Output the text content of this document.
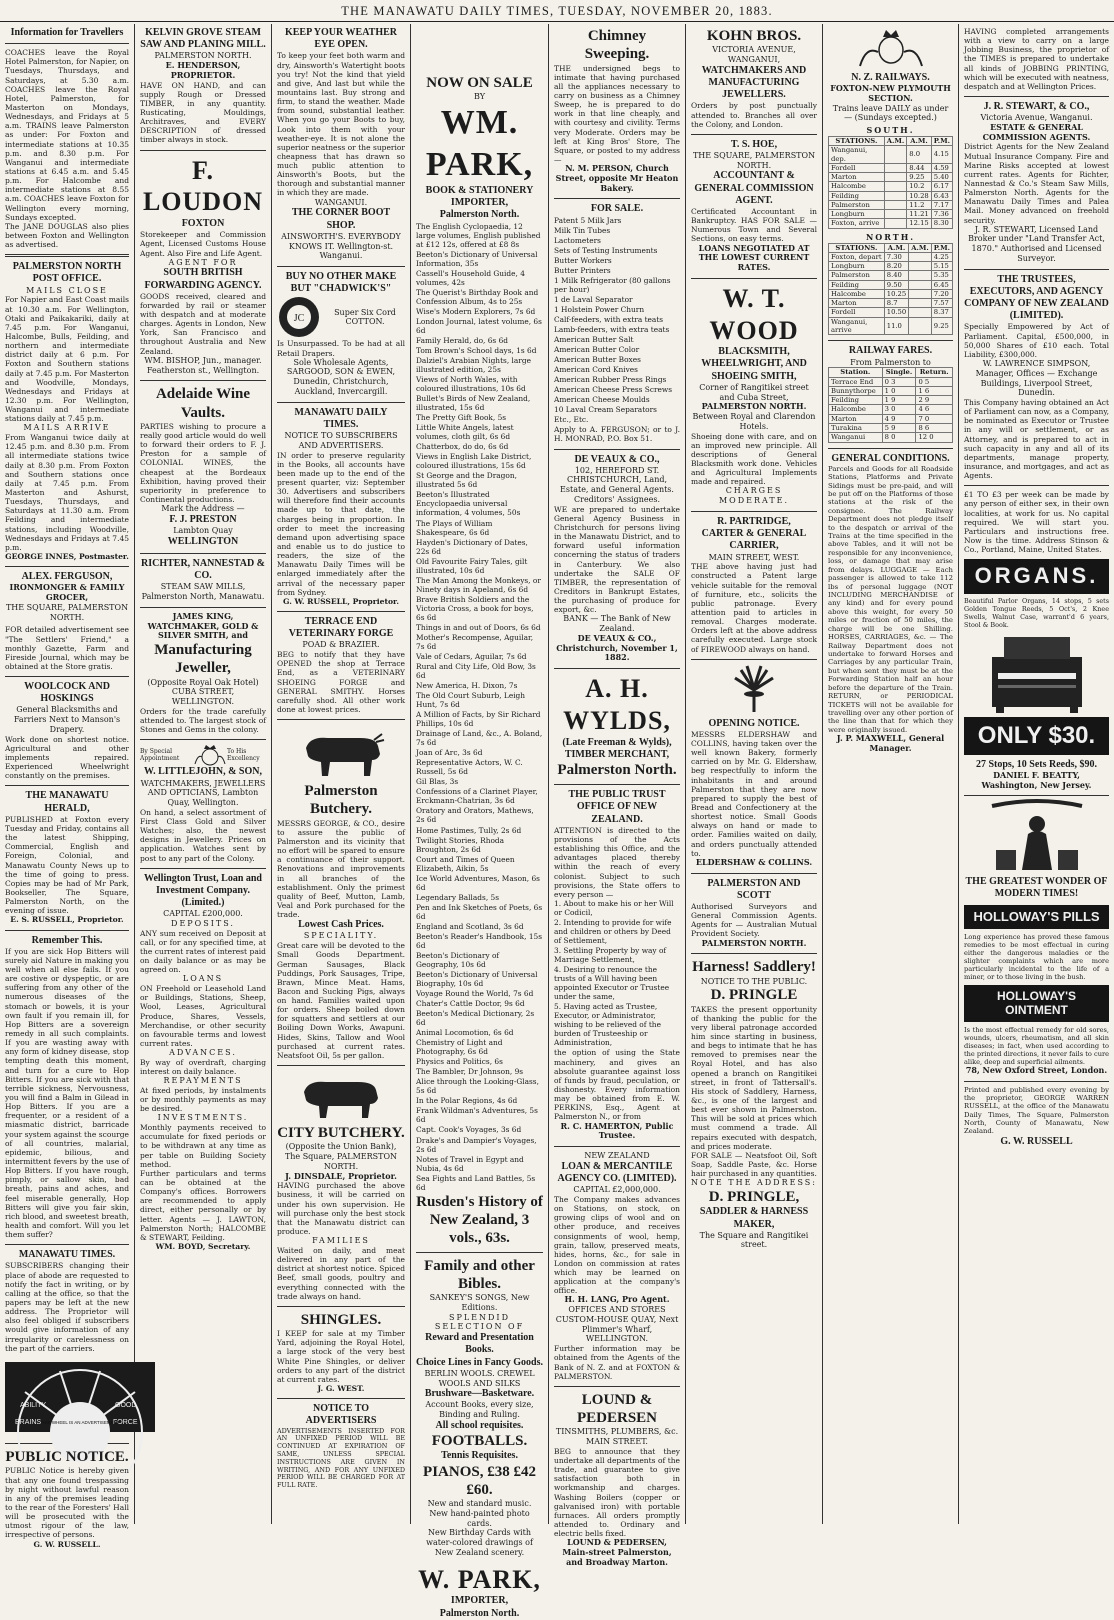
THE MANAWATU DAILY TIMES, TUESDAY, NOVEMBER 20, 1883.
Information for Travellers
COACHES leave the Royal Hotel Palmerston, for Napier, on Tuesdays, Thursdays, and Saturdays, at 5.30 a.m. COACHES leave the Royal Hotel, Palmerston, for Masterton on Mondays, Wednesdays, and Fridays at 5 a.m. TRAINS leave Palmerston as under: For Foxton and intermediate stations at 10.35 p.m. and 8.30 p.m. For Wanganui and intermediate stations at 6.45 a.m. and 5.45 p.m. For Halcombe and intermediate stations at 8.55 a.m. COACHES leave Foxton for Wellington every morning, Sundays excepted.
The JANE DOUGLAS also plies between Foxton and Wellington as advertised.
PALMERSTON NORTH POST OFFICE.
MAILS CLOSE
For Napier and East Coast mails at 10.30 a.m. For Wellington, Otaki and Paikakariki, daily at 7.45 p.m. For Wanganui, Halcombe, Bulls, Feilding, and northern and intermediate district daily at 6 p.m. For Foxton and Southern stations daily at 7.45 p.m. For Masterton and Woodville, Mondays, Wednesdays and Fridays at 12.30 p.m. For Wellington, Wanganui and intermediate stations daily at 7.45 p.m.
MAILS ARRIVE
From Wanganui twice daily at 12.45 p.m. and 8.30 p.m. From all intermediate stations twice daily at 8.30 p.m. From Foxton and Southern stations once daily at 7.45 p.m. From Masterton and Ashurst, Tuesdays, Thursdays, and Saturdays at 11.30 a.m. From Feilding and intermediate stations, including Woodville, Wednesdays and Fridays at 7.45 p.m.
GEORGE INNES, Postmaster.
ALEX. FERGUSON,
IRONMONGER & FAMILY GROCER,
THE SQUARE, PALMERSTON NORTH.
FOR detailed advertisement see "The Settlers' Friend," a monthly Gazette, Farm and Fireside Journal, which may be obtained at the Store gratis.
WOOLCOCK AND HOSKINGS
General Blacksmiths and Farriers Next to Manson's Drapery.
Work done on shortest notice. Agricultural and other implements repaired. Experienced Wheelwright constantly on the premises.
THE MANAWATU HERALD,
PUBLISHED at Foxton every Tuesday and Friday, contains all the latest Shipping, Commercial, English and Foreign, Colonial, and Manawatu County News up to the time of going to press. Copies may be had of Mr Park, Bookseller, The Square, Palmerston North, on the evening of issue.
E. S. RUSSELL, Proprietor.
Remember This.
If you are sick Hop Bitters will surely aid Nature in making you well when all else fails. If you are costive or dyspeptic, or are suffering from any other of the numerous diseases of the stomach or bowels, it is your own fault if you remain ill, for Hop Bitters are a sovereign remedy in all such complaints. If you are wasting away with any form of kidney disease, stop tempting death this moment, and turn for a cure to Hop Bitters. If you are sick with that terrible sickness, Nervousness, you will find a Balm in Gilead in Hop Bitters. If you are a frequenter, or a resident of a miasmatic district, barricade your system against the scourge of all countries, malarial, epidemic, bilious, and intermittent fevers by the use of Hop Bitters. If you have rough, pimply, or sallow skin, bad breath, pains and aches, and feel miserable generally, Hop Bitters will give you fair skin, rich blood, and sweetest breath, health and comfort. Will you let them suffer?
MANAWATU TIMES.
SUBSCRIBERS changing their place of abode are requested to notify the fact in writing, or by calling at the office, so that the papers may be left at the new address. The Proprietor will also feel obliged if subscribers would give information of any irregularity or carelessness on the part of the carriers.
ABILITY
BRAINS
GOOD
FORCE
THIS WHEEL IS AN ADVERTISEMENT
PUBLIC NOTICE.
PUBLIC Notice is hereby given that any one found trespassing by night without lawful reason in any of the premises leading to the rear of the Foresters' Hall will be prosecuted with the utmost rigour of the law, irrespective of persons.
G. W. RUSSELL.
KELVIN GROVE STEAM SAW AND PLANING MILL.
PALMERSTON NORTH.
E. HENDERSON, PROPRIETOR.
HAVE ON HAND, and can supply Rough or Dressed TIMBER, in any quantity. Rusticating, Mouldings, Architraves, and EVERY DESCRIPTION of dressed timber always in stock.
F. LOUDON
FOXTON
Storekeeper and Commission Agent, Licensed Customs House Agent. Also Fire and Life Agent.
AGENT FOR
SOUTH BRITISH FORWARDING AGENCY.
GOODS received, cleared and forwarded by rail or steamer with despatch and at moderate charges. Agents in London, New York, San Francisco and throughout Australia and New Zealand.
WM. BISHOP, Jun., manager. Featherston st., Wellington.
Adelaide Wine Vaults.
PARTIES wishing to procure a really good article would do well to forward their orders to F. J. Preston for a sample of COLONIAL WINES, the cheapest at the Bordeaux Exhibition, having proved their superiority in preference to Continental productions.
Mark the Address —
F. J. PRESTON
Lambton Quay
WELLINGTON
RICHTER, NANNESTAD & CO.
STEAM SAW MILLS,
Palmerston North, Manawatu.
JAMES KING, WATCHMAKER, GOLD & SILVER SMITH, and
Manufacturing Jeweller,
(Opposite Royal Oak Hotel) CUBA STREET, WELLINGTON.
Orders for the trade carefully attended to. The largest stock of Stones and Gems in the colony.
By Special Appointment
To His Excellency
W. LITTLEJOHN, & SON,
WATCHMAKERS, JEWELLERS AND OPTICIANS, Lambton Quay, Wellington.
On hand, a select assortment of First Class Gold and Silver Watches; also, the newest designs in Jewellery. Prices on application. Watches sent by post to any part of the Colony.
Wellington Trust, Loan and Investment Company. (Limited.)
CAPITAL £200,000.
DEPOSITS.
ANY sum received on Deposit at call, or for any specified time, at the current rates of interest paid on daily balance or as may be agreed on.
LOANS
ON Freehold or Leasehold Land or Buildings, Stations, Sheep, Wool, Leases, Agricultural Produce, Shares, Vessels, Merchandise, or other security on favourable terms and lowest current rates.
ADVANCES.
By way of overdraft, charging interest on daily balance.
REPAYMENTS
At fixed periods, by instalments or by monthly payments as may be desired.
INVESTMENTS.
Monthly payments received to accumulate for fixed periods or to be withdrawn at any time as per table on Building Society method.
Further particulars and terms can be obtained at the Company's offices. Borrowers are recommended to apply direct, either personally or by letter. Agents — J. LAWTON, Palmerston North; HALCOMBE & STEWART, Feilding.
WM. BOYD, Secretary.
KEEP YOUR WEATHER EYE OPEN.
To keep your feet both warm and dry, Ainsworth's Watertight boots you try! Not the kind that yield and give, And last but while the mountains last. Buy strong and firm, to stand the weather. Made from sound, substantial leather. When you go your Boots to buy, Look into them with your weather-eye. It is not alone the superior neatness or the superior cheapness that has drawn so much public attention to Ainsworth's Boots, but the thorough and substantial manner in which they are made.
WANGANUI.
THE CORNER BOOT SHOP.
AINSWORTH'S. EVERYBODY KNOWS IT. Wellington-st. Wanganui.
BUY NO OTHER MAKE BUT "CHADWICK'S"
JC
Super Six Cord COTTON.
Is Unsurpassed. To be had at all Retail Drapers.
Sole Wholesale Agents, SARGOOD, SON & EWEN, Dunedin, Christchurch, Auckland, Invercargill.
MANAWATU DAILY TIMES.
NOTICE TO SUBSCRIBERS AND ADVERTISERS.
IN order to preserve regularity in the Books, all accounts have been made up to the end of the present quarter, viz: September 30. Advertisers and subscribers will therefore find their accounts made up to that date, the charges being in proportion. In order to meet the increasing demand upon advertising space and enable us to do justice to readers, the size of the Manawatu Daily Times will be enlarged immediately after the arrival of the necessary paper from Sydney.
G. W. RUSSELL, Proprietor.
TERRACE END VETERINARY FORGE
POAD & BRAZIER.
BEG to notify that they have OPENED the shop at Terrace End, as a VETERINARY SHOEING FORGE and GENERAL SMITHY. Horses carefully shod. All other work done at lowest prices.
Palmerston Butchery.
MESSRS GEORGE, & CO., desire to assure the public of Palmerston and its vicinity that no effort will be spared to ensure a continuance of their support. Renovations and improvements in all branches of the establishment. Only the primest quality of Beef, Mutton, Lamb, Veal and Pork purchased for the trade.
Lowest Cash Prices.
SPECIALITY.
Great care will be devoted to the Small Goods Department. German Sausages, Black Puddings, Pork Sausages, Tripe, Brawn, Mince Meat. Hams, Bacon and Sucking Pigs, always on hand. Families waited upon for orders. Sheep boiled down for squatters and settlers at our Boiling Down Works, Awapuni. Hides, Skins, Tallow and Wool purchased at current rates. Neatsfoot Oil, 5s per gallon.
CITY BUTCHERY.
(Opposite the Union Bank), The Square, PALMERSTON NORTH.
J. DINSDALE, Proprietor.
HAVING purchased the above business, it will be carried on under his own supervision. He will purchase only the best stock that the Manawatu district can produce.
FAMILIES
Waited on daily, and meat delivered in any part of the district at shortest notice. Spiced Beef, small goods, poultry and everything connected with the trade always on hand.
SHINGLES.
I KEEP for sale at my Timber Yard, adjoining the Royal Hotel, a large stock of the very best White Pine Shingles, or deliver orders to any part of the district at current rates.
J. G. WEST.
NOTICE TO ADVERTISERS
ADVERTISEMENTS INSERTED FOR AN UNFIXED PERIOD WILL BE CONTINUED AT EXPIRATION OF SAME, UNLESS SPECIAL INSTRUCTIONS ARE GIVEN IN WRITING, AND FOR ANY UNFIXED PERIOD WILL BE CHARGED FOR AT FULL RATE.
NOW ON SALE
BY
WM. PARK,
BOOK & STATIONERY
IMPORTER,
Palmerston North.
The English Cyclopaedia, 12 large volumes, English published at £12 12s, offered at £8 8s
Beeton's Dictionary of Universal Information, 35s
Cassell's Household Guide, 4 volumes, 42s
The Querist's Birthday Book and Confession Album, 4s to 25s
Wise's Modern Explorers, 7s 6d
London Journal, latest volume, 6s 6d
Family Herald, do, 6s 6d
Tom Brown's School days, 1s 6d
Dalziel's Arabian Nights, large illustrated edition, 25s
Views of North Wales, with coloured illustrations, 10s 6d
Bullet's Birds of New Zealand, illustrated, 15s 6d
The Pretty Gift Book, 5s
Little White Angels, latest volumes, cloth gilt, 6s 6d
Chatterbox, do do, 6s 6d
Views in English Lake District, coloured illustrations, 15s 6d
St George and the Dragon, illustrated 5s 6d
Beeton's Illustrated Encyclopaedia universal information, 4 volumes, 50s
The Plays of William Shakespeare, 6s 6d
Hayden's Dictionary of Dates, 22s 6d
Old Favourite Fairy Tales, gilt illustrated, 10s 6d
The Man Among the Monkeys, or Ninety days in Apeland, 6s 6d
Brave British Soldiers and the Victoria Cross, a book for boys, 6s 6d
Things in and out of Doors, 6s 6d
Mother's Recompense, Aguilar, 7s 6d
Vale of Cedars, Aguilar, 7s 6d
Rural and City Life, Old Bow, 3s 6d
New America, H. Dixon, 7s
The Old Court Suburb, Leigh Hunt, 7s 6d
A Million of Facts, by Sir Richard Phillips, 10s 6d
Drainage of Land, &c., A. Boland, 7s 6d
Joan of Arc, 3s 6d
Representative Actors, W. C. Russell, 5s 6d
Gil Blas, 3s
Confessions of a Clarinet Player, Erckmann-Chatrian, 3s 6d
Oratory and Orators, Mathews, 2s 6d
Home Pastimes, Tully, 2s 6d
Twilight Stories, Rhoda Broughton, 2s 6d
Court and Times of Queen Elizabeth, Aikin, 5s
Ice World Adventures, Mason, 6s 6d
Legendary Ballads, 5s
Pen and Ink Sketches of Poets, 6s 6d
England and Scotland, 3s 6d
Beeton's Reader's Handbook, 15s 6d
Beeton's Dictionary of Geography, 10s 6d
Beeton's Dictionary of Universal Biography, 10s 6d
Voyage Round the World, 7s 6d
Chater's Cattle Doctor, 9s 6d
Beeton's Medical Dictionary, 2s 6d
Animal Locomotion, 6s 6d
Chemistry of Light and Photography, 6s 6d
Physics and Politics, 6s
The Bambler, Dr Johnson, 9s
Alice through the Looking-Glass, 5s 6d
In the Polar Regions, 4s 6d
Frank Wildman's Adventures, 5s 6d
Capt. Cook's Voyages, 3s 6d
Drake's and Dampier's Voyages, 2s 6d
Notes of Travel in Egypt and Nubia, 4s 6d
Sea Fights and Land Battles, 5s 6d
Rusden's History of New Zealand, 3 vols., 63s.
Family and other Bibles.
SANKEY'S SONGS, New Editions.
SPLENDID SELECTION OF
Reward and Presentation Books.
Choice Lines in Fancy Goods.
BERLIN WOOLS. CREWEL WOOLS AND SILKS
Brushware—Basketware.
Account Books, every size, Binding and Ruling.
All school requisites.
FOOTBALLS.
Tennis Requisites.
PIANOS, £38 £42 £60.
New and standard music.
New hand-painted photo cards.
New Birthday Cards with water-colored drawings of New Zealand scenery.
W. PARK,
IMPORTER,
Palmerston North.
Chimney Sweeping.
THE undersigned begs to intimate that having purchased all the appliances necessary to carry on business as a Chimney Sweep, he is prepared to do work in that line cheaply, and with courtesy and civility. Terms very Moderate. Orders may be left at King Bros' Store, The Square, or posted to my address —
N. M. PERSON, Church Street, opposite Mr Heaton Bakery.
FOR SALE.
Patent 5 Milk Jars
Milk Tin Tubes
Lactometers
Sets of Testing Instruments
Butter Workers
Butter Printers
1 Milk Refrigerator (80 gallons per hour)
1 de Laval Separator
1 Holstein Power Churn
Calf-feeders, with extra teats
Lamb-feeders, with extra teats
American Butter Salt
American Butter Color
American Butter Boxes
American Cord Knives
American Rubber Press Rings
American Cheese Press Screws
American Cheese Moulds
10 Laval Cream Separators
Etc., Etc.
Apply to A. FERGUSON; or to J. H. MONRAD, P.O. Box 51.
DE VEAUX & CO.,
102, HEREFORD ST. CHRISTCHURCH, Land, Estate, and General Agents.
Creditors' Assignees.
WE are prepared to undertake General Agency Business in Christchurch for persons living in the Manawatu District, and to forward useful information concerning the status of traders in Canterbury. We also undertake the SALE OF TIMBER, the representation of Creditors in Bankrupt Estates, the purchasing of produce for export, &c.
BANK — The Bank of New Zealand.
DE VEAUX & CO., Christchurch, November 1, 1882.
A. H. WYLDS,
(Late Freeman & Wylds),
TIMBER MERCHANT,
Palmerston North.
THE PUBLIC TRUST OFFICE OF NEW ZEALAND.
ATTENTION is directed to the provisions of the Acts establishing this Office, and the advantages placed thereby within the reach of every colonist. Subject to such provisions, the State offers to every person —
1. About to make his or her Will or Codicil,
2. Intending to provide for wife and children or others by Deed of Settlement,
3. Settling Property by way of Marriage Settlement,
4. Desiring to renounce the trusts of a Will having been appointed Executor or Trustee under the same,
5. Having acted as Trustee, Executor, or Administrator, wishing to be relieved of the burden of Trusteeship or Administration,
the option of using the State machinery, and gives an absolute guarantee against loss of funds by fraud, peculation, or dishonesty. Every information may be obtained from E. W. PERKINS, Esq., Agent at Palmerston N., or from
R. C. HAMERTON, Public Trustee.
NEW ZEALAND
LOAN & MERCANTILE AGENCY CO. (LIMITED).
CAPITAL £2,000,000.
The Company makes advances on Stations, on stock, on growing clips of wool and on other produce, and receives consignments of wool, hemp, grain, tallow, preserved meats, hides, horns, &c., for sale in London on commission at rates which may be learned on application at the company's office.
H. H. LANG, Pro Agent.
OFFICES AND STORES CUSTOM-HOUSE QUAY, Next Plimmer's Wharf, WELLINGTON.
Further information may be obtained from the Agents of the Bank of N. Z. and at FOXTON & PALMERSTON.
LOUND & PEDERSEN
TINSMITHS, PLUMBERS, &c.
MAIN STREET.
BEG to announce that they undertake all departments of the trade, and guarantee to give satisfaction both in workmanship and charges. Washing Boilers (copper or galvanised iron) with portable furnaces. All orders promptly attended to. Ordinary and electric bells fixed.
LOUND & PEDERSEN, Main-street Palmerston, and Broadway Marton.
KOHN BROS.
VICTORIA AVENUE, WANGANUI,
WATCHMAKERS AND MANUFACTURING JEWELLERS.
Orders by post punctually attended to. Branches all over the Colony, and London.
T. S. HOE,
THE SQUARE, PALMERSTON NORTH.
ACCOUNTANT & GENERAL COMMISSION AGENT.
Certificated Accountant in Bankruptcy. HAS FOR SALE — Numerous Town and Several Sections, on easy terms.
LOANS NEGOTIATED AT THE LOWEST CURRENT RATES.
W. T. WOOD
BLACKSMITH, WHEELWRIGHT, AND SHOEING SMITH,
Corner of Rangitikei street and Cuba Street,
PALMERSTON NORTH.
Between Royal and Clarendon Hotels.
Shoeing done with care, and on an improved new principle. All descriptions of General Blacksmith work done. Vehicles and Agricultural Implements made and repaired.
CHARGES MODERATE.
R. PARTRIDGE,
CARTER & GENERAL CARRIER,
MAIN STREET, WEST.
THE above having just had constructed a Patent large vehicle suitable for the removal of furniture, etc., solicits the public patronage. Every attention paid to articles in removal. Charges moderate. Orders left at the above address carefully executed. Large stock of FIREWOOD always on hand.
OPENING NOTICE.
MESSRS ELDERSHAW and COLLINS, having taken over the well known Bakery, formerly carried on by Mr. G. Eldershaw, beg respectfully to inform the inhabitants in and around Palmerston that they are now prepared to supply the best of Bread and Confectionery at the shortest notice. Small Goods always on hand or made to order. Families waited on daily, and orders punctually attended to.
ELDERSHAW & COLLINS.
PALMERSTON AND SCOTT
Authorised Surveyors and General Commission Agents. Agents for — Australian Mutual Provident Society.
PALMERSTON NORTH.
Harness! Saddlery!
NOTICE TO THE PUBLIC.
D. PRINGLE
TAKES the present opportunity of thanking the public for the very liberal patronage accorded him since starting in business, and begs to intimate that he has removed to premises near the Royal Hotel, and has also opened a branch on Rangitikei street, in front of Tattersall's. His stock of Saddlery, Harness, &c., is one of the largest and best ever shown in Palmerston. This will be sold at prices which must commend a trade. All repairs executed with despatch, and prices moderate.
FOR SALE — Neatsfoot Oil, Soft Soap, Saddle Paste, &c. Horse hair purchased in any quantities.
NOTE THE ADDRESS:
D. PRINGLE,
SADDLER & HARNESS MAKER,
The Square and Rangitikei street.
N. Z. RAILWAYS.
FOXTON-NEW PLYMOUTH SECTION.
Trains leave DAILY as under — (Sundays excepted.)
SOUTH.
STATIONS.	A.M.	A.M.	P.M.
Wanganui, dep.		8.0	4.15
Fordell		8.44	4.59
Marton		9.25	5.40
Halcombe		10.2	6.17
Feilding		10.28	6.43
Palmerston		11.2	7.17
Longburn		11.21	7.36
Foxton, arrive		12.15	8.30
NORTH.
STATIONS.	A.M.	A.M.	P.M.
Foxton, depart	7.30		4.25
Longburn	8.20		5.15
Palmerston	8.40		5.35
Feilding	9.50		6.45
Halcombe	10.25		7.20
Marton	8.7		7.57
Fordell	10.50		8.37
Wanganui, arrive	11.0		9.25
RAILWAY FARES.
From Palmerston to
Station.	Single.	Return.
Terrace End	0 3	0 5
Bunnythorpe	1 0	1 6
Feilding	1 9	2 9
Halcombe	3 0	4 6
Marton	4 9	7 0
Turakina	5 9	8 6
Wanganui	8 0	12 0
GENERAL CONDITIONS.
Parcels and Goods for all Roadside Stations, Platforms and Private Sidings must be pre-paid, and will be put off on the Platforms of those stations at the risk of the consignee. The Railway Department does not pledge itself to the despatch or arrival of the Trains at the time specified in the above Tables, and it will not be responsible for any inconvenience, loss, or damage that may arise from delays. LUGGAGE — Each passenger is allowed to take 112 lbs of personal luggage (NOT INCLUDING MERCHANDISE of any kind) and for every pound above this weight, for every 50 miles or fraction of 50 miles, the charge will be one Shilling. HORSES, CARRIAGES, &c. — The Railway Department does not undertake to forward Horses and Carriages by any particular Train, but when sent they must be at the Forwarding Station half an hour before the departure of the Train. RETURN, or PERIODICAL TICKETS will not be available for travelling over any other portion of the line than that for which they were originally issued.
J. P. MAXWELL, General Manager.
HAVING completed arrangements with a view to carry on a large Jobbing Business, the proprietor of the TIMES is prepared to undertake all kinds of JOBBING PRINTING, which will be executed with neatness, despatch and at Wellington Prices.
J. R. STEWART, & CO.,
Victoria Avenue, Wanganui.
ESTATE & GENERAL COMMISSION AGENTS.
District Agents for the New Zealand Mutual Insurance Company. Fire and Marine Risks accepted at lowest current rates. Agents for Richter, Nannestad & Co.'s Steam Saw Mills, Palmerston North. Agents for the Manawatu Daily Times and Palea Mail. Money advanced on freehold security.
J. R. STEWART, Licensed Land Broker under "Land Transfer Act, 1870." Authorised and Licensed Surveyor.
THE TRUSTEES, EXECUTORS, AND AGENCY COMPANY OF NEW ZEALAND (LIMITED).
Specially Empowered by Act of Parliament. Capital, £500,000, in 50,000 Shares of £10 each. Total Liability, £300,000.
W. LAWRENCE SIMPSON, Manager, Offices — Exchange Buildings, Liverpool Street, Dunedin.
This Company having obtained an Act of Parliament can now, as a Company, be nominated as Executor or Trustee in any will or settlement, or as Attorney, and is prepared to act in such capacity in any and all of its departments, manage property, insurance, and mortgages, and act as Agents.
£1 TO £3 per week can be made by any person of either sex, in their own localities, at work for us. No capital required. We will start you. Particulars and instructions free. Now is the time. Address Stinson & Co., Portland, Maine, United States.
ORGANS.
Beautiful Parlor Organs, 14 stops, 5 sets Golden Tongue Reeds, 5 Oct's, 2 Knee Swells, Walnut Case, warrant'd 6 years, Stool & Book.
ONLY $30.
27 Stops, 10 Sets Reeds, $90.
DANIEL F. BEATTY, Washington, New Jersey.
THE GREATEST WONDER OF MODERN TIMES!
HOLLOWAY'S PILLS
Long experience has proved these famous remedies to be most effectual in curing either the dangerous maladies or the slighter complaints which are more particularly incidental to the life of a miner, or to those living in the bush.
HOLLOWAY'S OINTMENT
Is the most effectual remedy for old sores, wounds, ulcers, rheumatism, and all skin diseases; in fact, when used according to the printed directions, it never fails to cure alike, deep and superficial ailments.
78, New Oxford Street, London.
Printed and published every evening by the proprietor, GEORGE WARREN RUSSELL, at the office of the Manawatu Daily Times, The Square, Palmerston North, County of Manawatu, New Zealand.
G. W. RUSSELL
